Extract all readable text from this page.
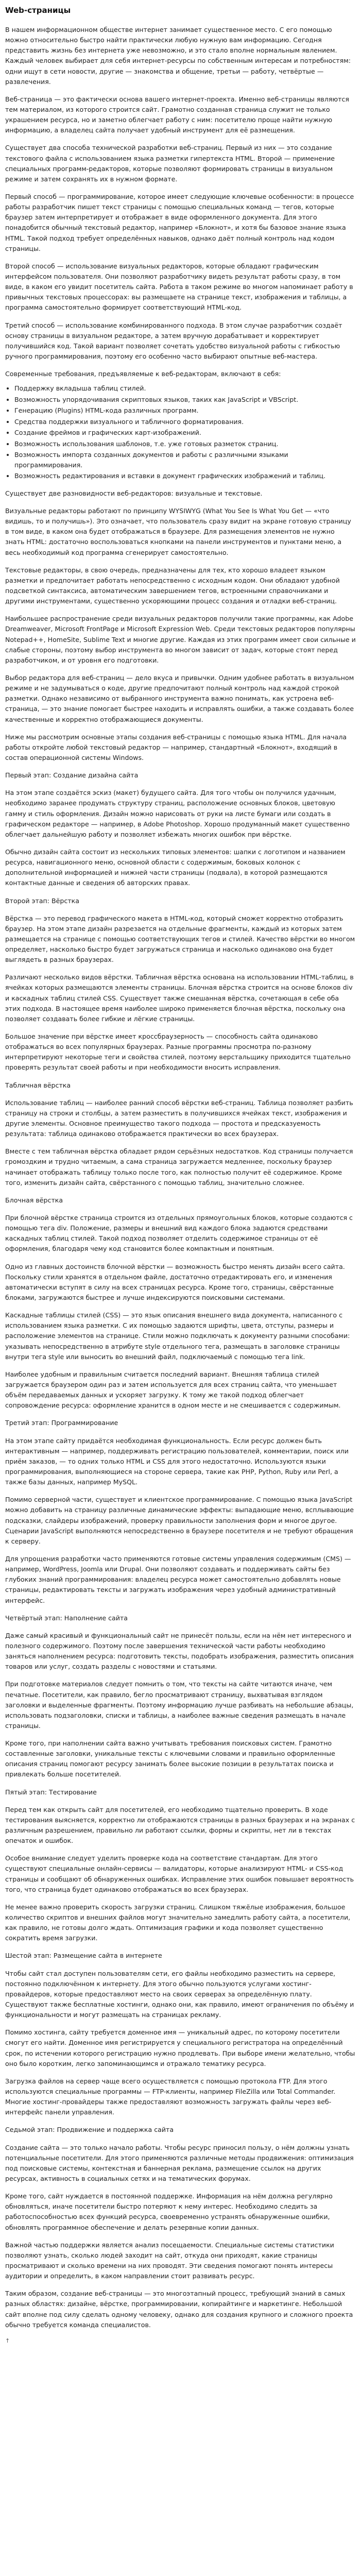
Web-страницы

В нашем информационном обществе интернет занимает существенное место. С его помощью можно относительно быстро найти практически любую нужную вам информацию. Сегодня представить жизнь без интернета уже невозможно, и это стало вполне нормальным явлением. Каждый человек выбирает для себя интернет-ресурсы по собственным интересам и потребностям: одни ищут в сети новости, другие — знакомства и общение, третьи — работу, четвёртые — развлечения.

Веб-страница — это фактически основа вашего интернет-проекта. Именно веб-страницы являются тем материалом, из которого строится сайт. Грамотно созданная страница служит не только украшением ресурса, но и заметно облегчает работу с ним: посетителю проще найти нужную информацию, а владелец сайта получает удобный инструмент для её размещения.

Существует два способа технической разработки веб-страниц. Первый из них — это создание текстового файла с использованием языка разметки гипертекста HTML. Второй — применение специальных программ-редакторов, которые позволяют формировать страницы в визуальном режиме и затем сохранять их в нужном формате.

Первый способ — программирование, которое имеет следующие ключевые особенности: в процессе работы разработчик пишет текст страницы с помощью специальных команд — тегов, которые браузер затем интерпретирует и отображает в виде оформленного документа. Для этого понадобится обычный текстовый редактор, например «Блокнот», и хотя бы базовое знание языка HTML. Такой подход требует определённых навыков, однако даёт полный контроль над кодом страницы.

Второй способ — использование визуальных редакторов, которые обладают графическим интерфейсом пользователя. Они позволяют разработчику видеть результат работы сразу, в том виде, в каком его увидит посетитель сайта. Работа в таком режиме во многом напоминает работу в привычных текстовых процессорах: вы размещаете на странице текст, изображения и таблицы, а программа самостоятельно формирует соответствующий HTML-код.

Третий способ — использование комбинированного подхода. В этом случае разработчик создаёт основу страницы в визуальном редакторе, а затем вручную дорабатывает и корректирует получившийся код. Такой вариант позволяет сочетать удобство визуальной работы с гибкостью ручного программирования, поэтому его особенно часто выбирают опытные веб-мастера.

Современные требования, предъявляемые к веб-редакторам, включают в себя:

• Поддержку вкладыша таблиц стилей.
• Возможность упорядочивания скриптовых языков, таких как JavaScript и VBScript.
• Генерацию (Plugins) HTML-кода различных программ.
• Средства поддержки визуального и табличного форматирования.
• Создание фреймов и графических карт-изображений.
• Возможность использования шаблонов, т.е. уже готовых разметок страниц.
• Возможность импорта созданных документов и работы с различными языками программирования.
• Возможность редактирования и вставки в документ графических изображений и таблиц.

Существует две разновидности веб-редакторов: визуальные и текстовые.

Визуальные редакторы работают по принципу WYSIWYG (What You See Is What You Get — «что видишь, то и получишь»). Это означает, что пользователь сразу видит на экране готовую страницу в том виде, в каком она будет отображаться в браузере. Для размещения элементов не нужно знать HTML: достаточно воспользоваться кнопками на панели инструментов и пунктами меню, а весь необходимый код программа сгенерирует самостоятельно.

Текстовые редакторы, в свою очередь, предназначены для тех, кто хорошо владеет языком разметки и предпочитает работать непосредственно с исходным кодом. Они обладают удобной подсветкой синтаксиса, автоматическим завершением тегов, встроенными справочниками и другими инструментами, существенно ускоряющими процесс создания и отладки веб-страниц.

Наибольшее распространение среди визуальных редакторов получили такие программы, как Adobe Dreamweaver, Microsoft FrontPage и Microsoft Expression Web. Среди текстовых редакторов популярны Notepad++, HomeSite, Sublime Text и многие другие. Каждая из этих программ имеет свои сильные и слабые стороны, поэтому выбор инструмента во многом зависит от задач, которые стоят перед разработчиком, и от уровня его подготовки.

Выбор редактора для веб-страниц — дело вкуса и привычки. Одним удобнее работать в визуальном режиме и не задумываться о коде, другие предпочитают полный контроль над каждой строкой разметки. Однако независимо от выбранного инструмента важно понимать, как устроена веб-страница, — это знание помогает быстрее находить и исправлять ошибки, а также создавать более качественные и корректно отображающиеся документы.

Ниже мы рассмотрим основные этапы создания веб-страницы с помощью языка HTML. Для начала работы откройте любой текстовый редактор — например, стандартный «Блокнот», входящий в состав операционной системы Windows.

Первый этап: Создание дизайна сайта

На этом этапе создаётся эскиз (макет) будущего сайта. Для того чтобы он получился удачным, необходимо заранее продумать структуру страниц, расположение основных блоков, цветовую гамму и стиль оформления. Дизайн можно нарисовать от руки на листе бумаги или создать в графическом редакторе — например, в Adobe Photoshop. Хорошо продуманный макет существенно облегчает дальнейшую работу и позволяет избежать многих ошибок при вёрстке.

Обычно дизайн сайта состоит из нескольких типовых элементов: шапки с логотипом и названием ресурса, навигационного меню, основной области с содержимым, боковых колонок с дополнительной информацией и нижней части страницы (подвала), в которой размещаются контактные данные и сведения об авторских правах.

Второй этап: Вёрстка

Вёрстка — это перевод графического макета в HTML-код, который сможет корректно отобразить браузер. На этом этапе дизайн разрезается на отдельные фрагменты, каждый из которых затем размещается на странице с помощью соответствующих тегов и стилей. Качество вёрстки во многом определяет, насколько быстро будет загружаться страница и насколько одинаково она будет выглядеть в разных браузерах.

Различают несколько видов вёрстки. Табличная вёрстка основана на использовании HTML-таблиц, в ячейках которых размещаются элементы страницы. Блочная вёрстка строится на основе блоков div и каскадных таблиц стилей CSS. Существует также смешанная вёрстка, сочетающая в себе оба этих подхода. В настоящее время наиболее широко применяется блочная вёрстка, поскольку она позволяет создавать более гибкие и лёгкие страницы.

Большое значение при вёрстке имеет кроссбраузерность — способность сайта одинаково отображаться во всех популярных браузерах. Разные программы просмотра по-разному интерпретируют некоторые теги и свойства стилей, поэтому верстальщику приходится тщательно проверять результат своей работы и при необходимости вносить исправления.

Табличная вёрстка

Использование таблиц — наиболее ранний способ вёрстки веб-страниц. Таблица позволяет разбить страницу на строки и столбцы, а затем разместить в получившихся ячейках текст, изображения и другие элементы. Основное преимущество такого подхода — простота и предсказуемость результата: таблица одинаково отображается практически во всех браузерах.

Вместе с тем табличная вёрстка обладает рядом серьёзных недостатков. Код страницы получается громоздким и трудно читаемым, а сама страница загружается медленнее, поскольку браузер начинает отображать таблицу только после того, как полностью получит её содержимое. Кроме того, изменить дизайн сайта, свёрстанного с помощью таблиц, значительно сложнее.

Блочная вёрстка

При блочной вёрстке страница строится из отдельных прямоугольных блоков, которые создаются с помощью тега div. Положение, размеры и внешний вид каждого блока задаются средствами каскадных таблиц стилей. Такой подход позволяет отделить содержимое страницы от её оформления, благодаря чему код становится более компактным и понятным.

Одно из главных достоинств блочной вёрстки — возможность быстро менять дизайн всего сайта. Поскольку стили хранятся в отдельном файле, достаточно отредактировать его, и изменения автоматически вступят в силу на всех страницах ресурса. Кроме того, страницы, свёрстанные блоками, загружаются быстрее и лучше индексируются поисковыми системами.

Каскадные таблицы стилей (CSS) — это язык описания внешнего вида документа, написанного с использованием языка разметки. С их помощью задаются шрифты, цвета, отступы, размеры и расположение элементов на странице. Стили можно подключать к документу разными способами: указывать непосредственно в атрибуте style отдельного тега, размещать в заголовке страницы внутри тега style или выносить во внешний файл, подключаемый с помощью тега link.

Наиболее удобным и правильным считается последний вариант. Внешняя таблица стилей загружается браузером один раз и затем используется для всех страниц сайта, что уменьшает объём передаваемых данных и ускоряет загрузку. К тому же такой подход облегчает сопровождение ресурса: оформление хранится в одном месте и не смешивается с содержимым.

Третий этап: Программирование

На этом этапе сайту придаётся необходимая функциональность. Если ресурс должен быть интерактивным — например, поддерживать регистрацию пользователей, комментарии, поиск или приём заказов, — то одних только HTML и CSS для этого недостаточно. Используются языки программирования, выполняющиеся на стороне сервера, такие как PHP, Python, Ruby или Perl, а также базы данных, например MySQL.

Помимо серверной части, существует и клиентское программирование. С помощью языка JavaScript можно добавить на страницу различные динамические эффекты: выпадающие меню, всплывающие подсказки, слайдеры изображений, проверку правильности заполнения форм и многое другое. Сценарии JavaScript выполняются непосредственно в браузере посетителя и не требуют обращения к серверу.

Для упрощения разработки часто применяются готовые системы управления содержимым (CMS) — например, WordPress, Joomla или Drupal. Они позволяют создавать и поддерживать сайты без глубоких знаний программирования: владелец ресурса может самостоятельно добавлять новые страницы, редактировать тексты и загружать изображения через удобный административный интерфейс.

Четвёртый этап: Наполнение сайта

Даже самый красивый и функциональный сайт не принесёт пользы, если на нём нет интересного и полезного содержимого. Поэтому после завершения технической части работы необходимо заняться наполнением ресурса: подготовить тексты, подобрать изображения, разместить описания товаров или услуг, создать разделы с новостями и статьями.

При подготовке материалов следует помнить о том, что тексты на сайте читаются иначе, чем печатные. Посетители, как правило, бегло просматривают страницу, выхватывая взглядом заголовки и выделенные фрагменты. Поэтому информацию лучше разбивать на небольшие абзацы, использовать подзаголовки, списки и таблицы, а наиболее важные сведения размещать в начале страницы.

Кроме того, при наполнении сайта важно учитывать требования поисковых систем. Грамотно составленные заголовки, уникальные тексты с ключевыми словами и правильно оформленные описания страниц помогают ресурсу занимать более высокие позиции в результатах поиска и привлекать больше посетителей.

Пятый этап: Тестирование

Перед тем как открыть сайт для посетителей, его необходимо тщательно проверить. В ходе тестирования выясняется, корректно ли отображаются страницы в разных браузерах и на экранах с различным разрешением, правильно ли работают ссылки, формы и скрипты, нет ли в текстах опечаток и ошибок.

Особое внимание следует уделить проверке кода на соответствие стандартам. Для этого существуют специальные онлайн-сервисы — валидаторы, которые анализируют HTML- и CSS-код страницы и сообщают об обнаруженных ошибках. Исправление этих ошибок повышает вероятность того, что страница будет одинаково отображаться во всех браузерах.

Не менее важно проверить скорость загрузки страниц. Слишком тяжёлые изображения, большое количество скриптов и внешних файлов могут значительно замедлить работу сайта, а посетители, как правило, не готовы долго ждать. Оптимизация графики и кода позволяет существенно сократить время загрузки.

Шестой этап: Размещение сайта в интернете

Чтобы сайт стал доступен пользователям сети, его файлы необходимо разместить на сервере, постоянно подключённом к интернету. Для этого обычно пользуются услугами хостинг-провайдеров, которые предоставляют место на своих серверах за определённую плату. Существуют также бесплатные хостинги, однако они, как правило, имеют ограничения по объёму и функциональности и могут размещать на страницах рекламу.

Помимо хостинга, сайту требуется доменное имя — уникальный адрес, по которому посетители смогут его найти. Доменное имя регистрируется у специального регистратора на определённый срок, по истечении которого регистрацию нужно продлевать. При выборе имени желательно, чтобы оно было коротким, легко запоминающимся и отражало тематику ресурса.

Загрузка файлов на сервер чаще всего осуществляется с помощью протокола FTP. Для этого используются специальные программы — FTP-клиенты, например FileZilla или Total Commander. Многие хостинг-провайдеры также предоставляют возможность загружать файлы через веб-интерфейс панели управления.

Седьмой этап: Продвижение и поддержка сайта

Создание сайта — это только начало работы. Чтобы ресурс приносил пользу, о нём должны узнать потенциальные посетители. Для этого применяются различные методы продвижения: оптимизация под поисковые системы, контекстная и баннерная реклама, размещение ссылок на других ресурсах, активность в социальных сетях и на тематических форумах.

Кроме того, сайт нуждается в постоянной поддержке. Информация на нём должна регулярно обновляться, иначе посетители быстро потеряют к нему интерес. Необходимо следить за работоспособностью всех функций ресурса, своевременно устранять обнаруженные ошибки, обновлять программное обеспечение и делать резервные копии данных.

Важной частью поддержки является анализ посещаемости. Специальные системы статистики позволяют узнать, сколько людей заходит на сайт, откуда они приходят, какие страницы просматривают и сколько времени на них проводят. Эти сведения помогают понять интересы аудитории и определить, в каком направлении стоит развивать ресурс.

Таким образом, создание веб-страницы — это многоэтапный процесс, требующий знаний в самых разных областях: дизайне, вёрстке, программировании, копирайтинге и маркетинге. Небольшой сайт вполне под силу сделать одному человеку, однако для создания крупного и сложного проекта обычно требуется команда специалистов.

↑
